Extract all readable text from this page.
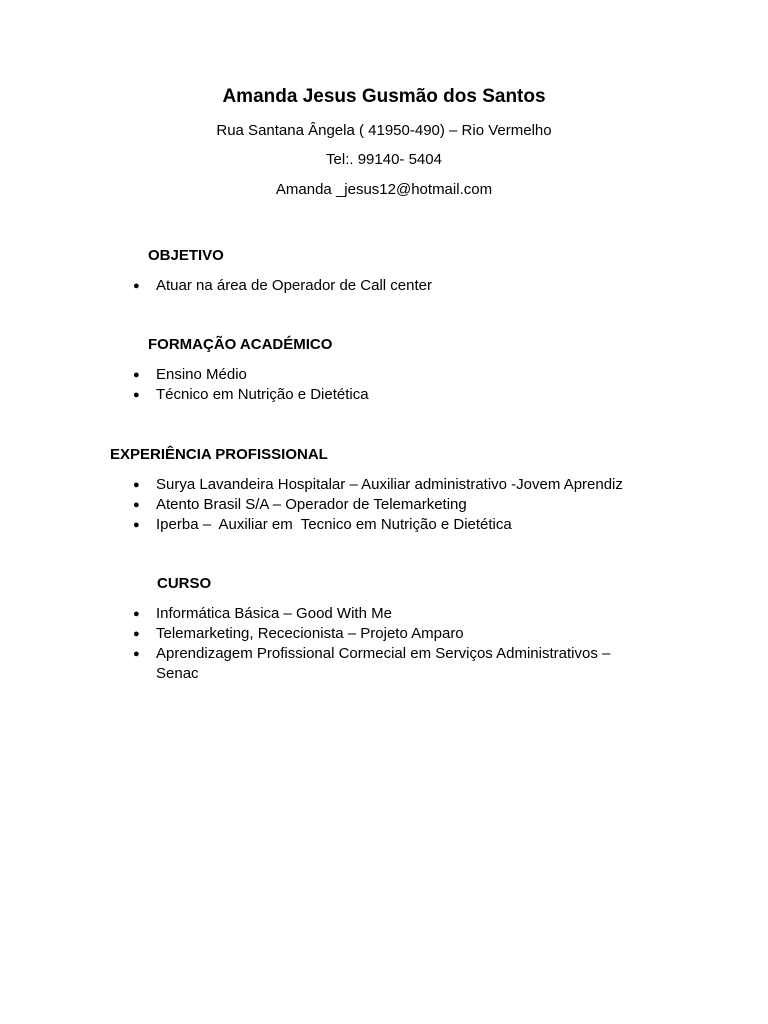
Amanda Jesus Gusmão dos Santos
Rua Santana Ângela ( 41950-490) – Rio Vermelho
Tel:. 99140- 5404
Amanda _jesus12@hotmail.com
OBJETIVO
● Atuar na área de Operador de Call center
FORMAÇÃO ACADÉMICO
● Ensino Médio
● Técnico em Nutrição e Dietética
EXPERIÊNCIA PROFISSIONAL
● Surya Lavandeira Hospitalar – Auxiliar administrativo -Jovem Aprendiz
● Atento Brasil S/A – Operador de Telemarketing
● Iperba –  Auxiliar em  Tecnico em Nutrição e Dietética
CURSO
● Informática Básica – Good With Me
● Telemarketing, Rececionista – Projeto Amparo
● Aprendizagem Profissional Cormecial em Serviços Administrativos – Senac
